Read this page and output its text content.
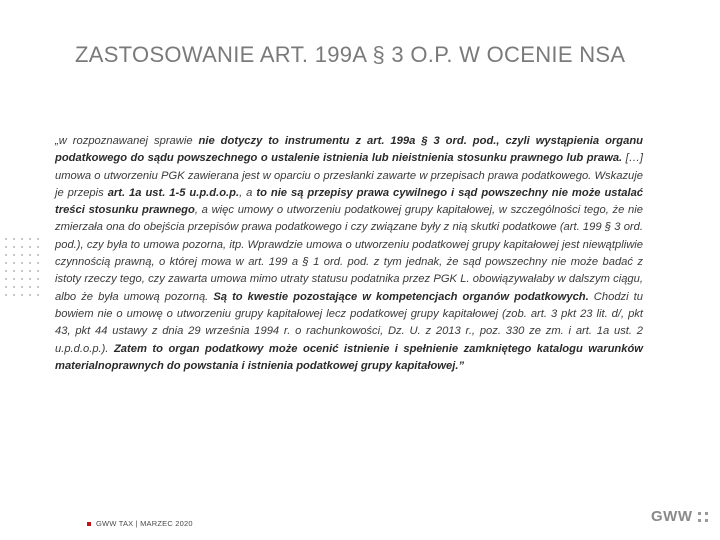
ZASTOSOWANIE ART. 199A § 3 O.P. W OCENIE NSA

„w rozpoznawanej sprawie nie dotyczy to instrumentu z art. 199a § 3 ord. pod., czyli wystąpienia organu podatkowego do sądu powszechnego o ustalenie istnienia lub nieistnienia stosunku prawnego lub prawa. […] umowa o utworzeniu PGK zawierana jest w oparciu o przesłanki zawarte w przepisach prawa podatkowego. Wskazuje je przepis art. 1a ust. 1-5 u.p.d.o.p., a to nie są przepisy prawa cywilnego i sąd powszechny nie może ustalać treści stosunku prawnego, a więc umowy o utworzeniu podatkowej grupy kapitałowej, w szczególności tego, że nie zmierzała ona do obejścia przepisów prawa podatkowego i czy związane były z nią skutki podatkowe (art. 199 § 3 ord. pod.), czy była to umowa pozorna, itp. Wprawdzie umowa o utworzeniu podatkowej grupy kapitałowej jest niewątpliwie czynnością prawną, o której mowa w art. 199 a § 1 ord. pod. z tym jednak, że sąd powszechny nie może badać z istoty rzeczy tego, czy zawarta umowa mimo utraty statusu podatnika przez PGK L. obowiązywałaby w dalszym ciągu, albo że była umową pozorną. Są to kwestie pozostające w kompetencjach organów podatkowych. Chodzi tu bowiem nie o umowę o utworzeniu grupy kapitałowej lecz podatkowej grupy kapitałowej (zob. art. 3 pkt 23 lit. d/, pkt 43, pkt 44 ustawy z dnia 29 września 1994 r. o rachunkowości, Dz. U. z 2013 r., poz. 330 ze zm. i art. 1a ust. 2 u.p.d.o.p.). Zatem to organ podatkowy może ocenić istnienie i spełnienie zamkniętego katalogu warunków materialnoprawnych do powstania i istnienia podatkowej grupy kapitałowej.”

GWW TAX | MARZEC 2020	GWW
